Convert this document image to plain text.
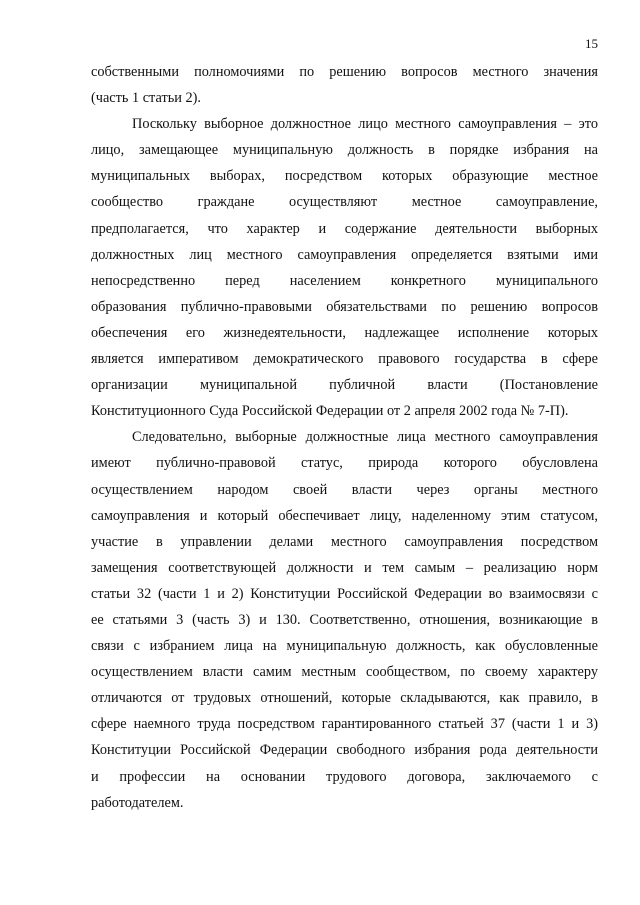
15
собственными полномочиями по решению вопросов местного значения
(часть 1 статьи 2).
Поскольку выборное должностное лицо местного самоуправления – это
лицо, замещающее муниципальную должность в порядке избрания на
муниципальных выборах, посредством которых образующие местное
сообщество граждане осуществляют местное самоуправление,
предполагается, что характер и содержание деятельности выборных
должностных лиц местного самоуправления определяется взятыми ими
непосредственно перед населением конкретного муниципального
образования публично-правовыми обязательствами по решению вопросов
обеспечения его жизнедеятельности, надлежащее исполнение которых
является императивом демократического правового государства в сфере
организации муниципальной публичной власти (Постановление
Конституционного Суда Российской Федерации от 2 апреля 2002 года № 7-П).
Следовательно, выборные должностные лица местного самоуправления
имеют публично-правовой статус, природа которого обусловлена
осуществлением народом своей власти через органы местного
самоуправления и который обеспечивает лицу, наделенному этим статусом,
участие в управлении делами местного самоуправления посредством
замещения соответствующей должности и тем самым – реализацию норм
статьи 32 (части 1 и 2) Конституции Российской Федерации во взаимосвязи с
ее статьями 3 (часть 3) и 130. Соответственно, отношения, возникающие в
связи с избранием лица на муниципальную должность, как обусловленные
осуществлением власти самим местным сообществом, по своему характеру
отличаются от трудовых отношений, которые складываются, как правило, в
сфере наемного труда посредством гарантированного статьей 37 (части 1 и 3)
Конституции Российской Федерации свободного избрания рода деятельности
и профессии на основании трудового договора, заключаемого с
работодателем.
